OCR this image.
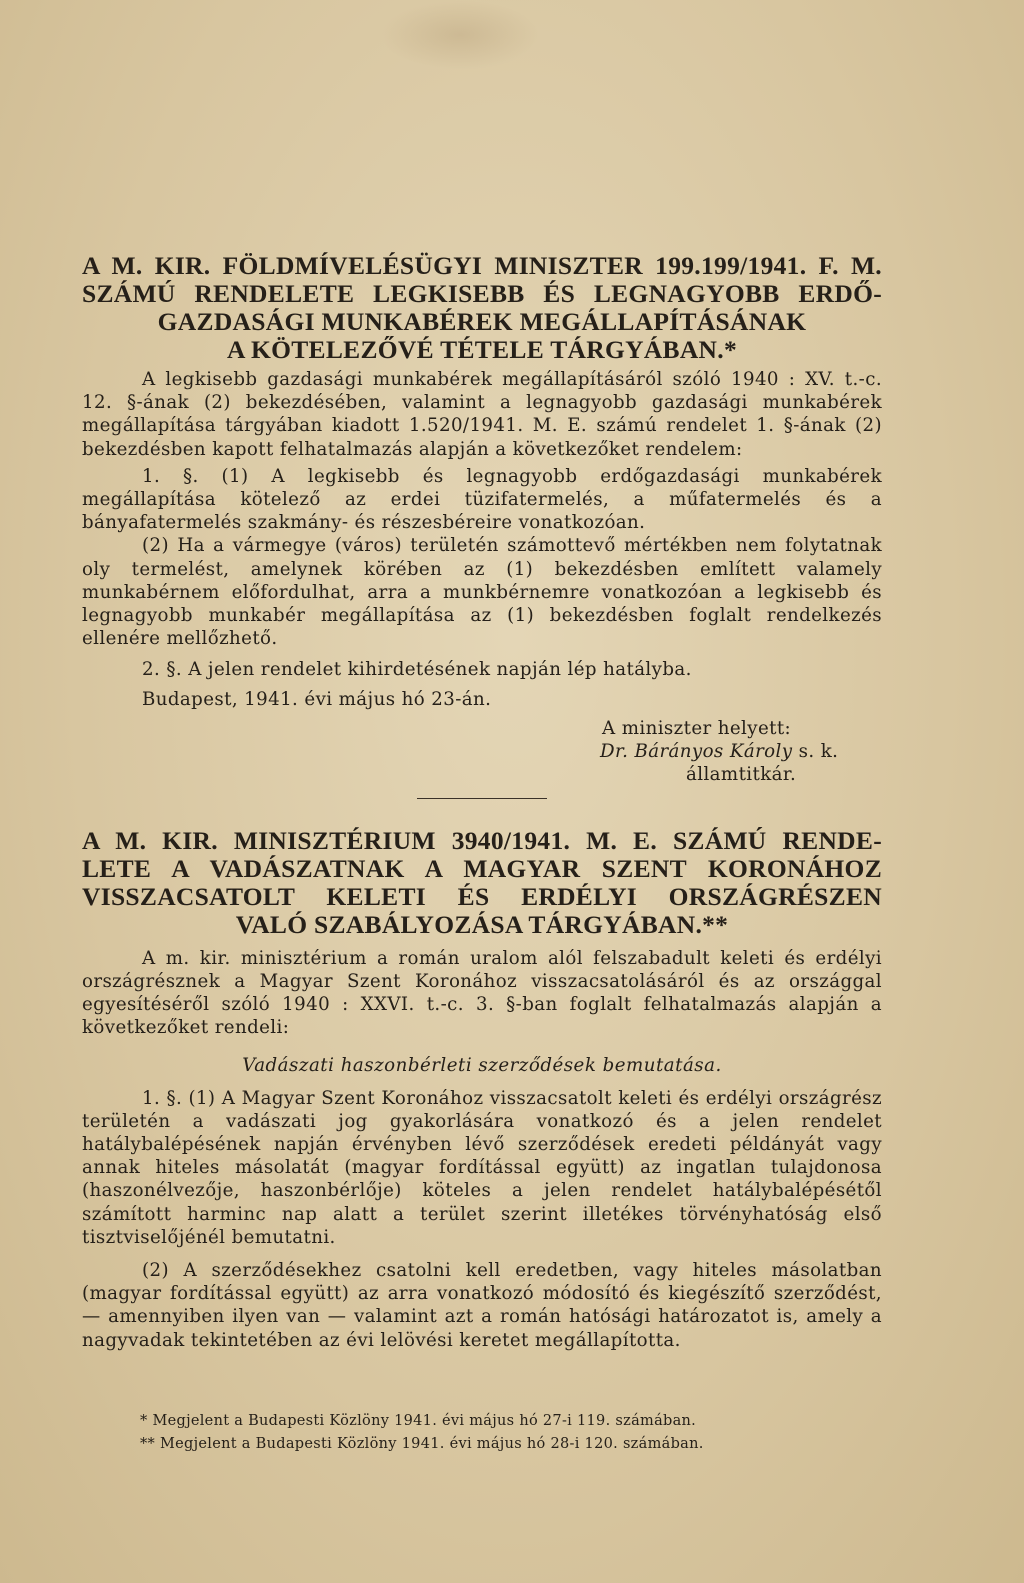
A M. KIR. FÖLDMÍVELÉSÜGYI MINISZTER 199.199/1941. F. M.
SZÁMÚ RENDELETE LEGKISEBB ÉS LEGNAGYOBB ERDŐ-
GAZDASÁGI MUNKABÉREK MEGÁLLAPÍTÁSÁNAK
A KÖTELEZŐVÉ TÉTELE TÁRGYÁBAN.*

A legkisebb gazdasági munkabérek megállapításáról szóló 1940 : XV. t.-c. 12. §-ának (2) bekezdésében, valamint a legnagyobb gazdasági munkabérek megállapítása tárgyában kiadott 1.520/1941. M. E. számú rendelet 1. §-ának (2) bekezdésben kapott felhatalmazás alapján a következőket rendelem:

1. §. (1) A legkisebb és legnagyobb erdőgazdasági munkabérek megállapítása kötelező az erdei tüzifatermelés, a műfatermelés és a bányafatermelés szakmány- és részesbéreire vonatkozóan.

(2) Ha a vármegye (város) területén számottevő mértékben nem folytatnak oly termelést, amelynek körében az (1) bekezdésben említett valamely munkabérnem előfordulhat, arra a munkbérnemre vonatkozóan a legkisebb és legnagyobb munkabér megállapítása az (1) bekezdésben foglalt rendelkezés ellenére mellőzhető.

2. §. A jelen rendelet kihirdetésének napján lép hatályba.

Budapest, 1941. évi május hó 23-án.

A miniszter helyett:
Dr. Bárányos Károly s. k.
államtitkár.
A M. KIR. MINISZTÉRIUM 3940/1941. M. E. SZÁMÚ RENDE-
LETE A VADÁSZATNAK A MAGYAR SZENT KORONÁHOZ
VISSZACSATOLT KELETI ÉS ERDÉLYI ORSZÁGRÉSZEN
VALÓ SZABÁLYOZÁSA TÁRGYÁBAN.**

A m. kir. minisztérium a román uralom alól felszabadult keleti és erdélyi országrésznek a Magyar Szent Koronához visszacsatolásáról és az országgal egyesítéséről szóló 1940 : XXVI. t.-c. 3. §-ban foglalt felhatalmazás alapján a következőket rendeli:

Vadászati haszonbérleti szerződések bemutatása.

1. §. (1) A Magyar Szent Koronához visszacsatolt keleti és erdélyi országrész területén a vadászati jog gyakorlására vonatkozó és a jelen rendelet hatálybalépésének napján érvényben lévő szerződések eredeti példányát vagy annak hiteles másolatát (magyar fordítással együtt) az ingatlan tulajdonosa (haszonélvezője, haszonbérlője) köteles a jelen rendelet hatálybalépésétől számított harminc nap alatt a terület szerint illetékes törvényhatóság első tisztviselőjénél bemutatni.

(2) A szerződésekhez csatolni kell eredetben, vagy hiteles másolatban (magyar fordítással együtt) az arra vonatkozó módosító és kiegészítő szerződést, — amennyiben ilyen van — valamint azt a román hatósági határozatot is, amely a nagyvadak tekintetében az évi lelövési keretet megállapította.

* Megjelent a Budapesti Közlöny 1941. évi május hó 27-i 119. számában.
** Megjelent a Budapesti Közlöny 1941. évi május hó 28-i 120. számában.
